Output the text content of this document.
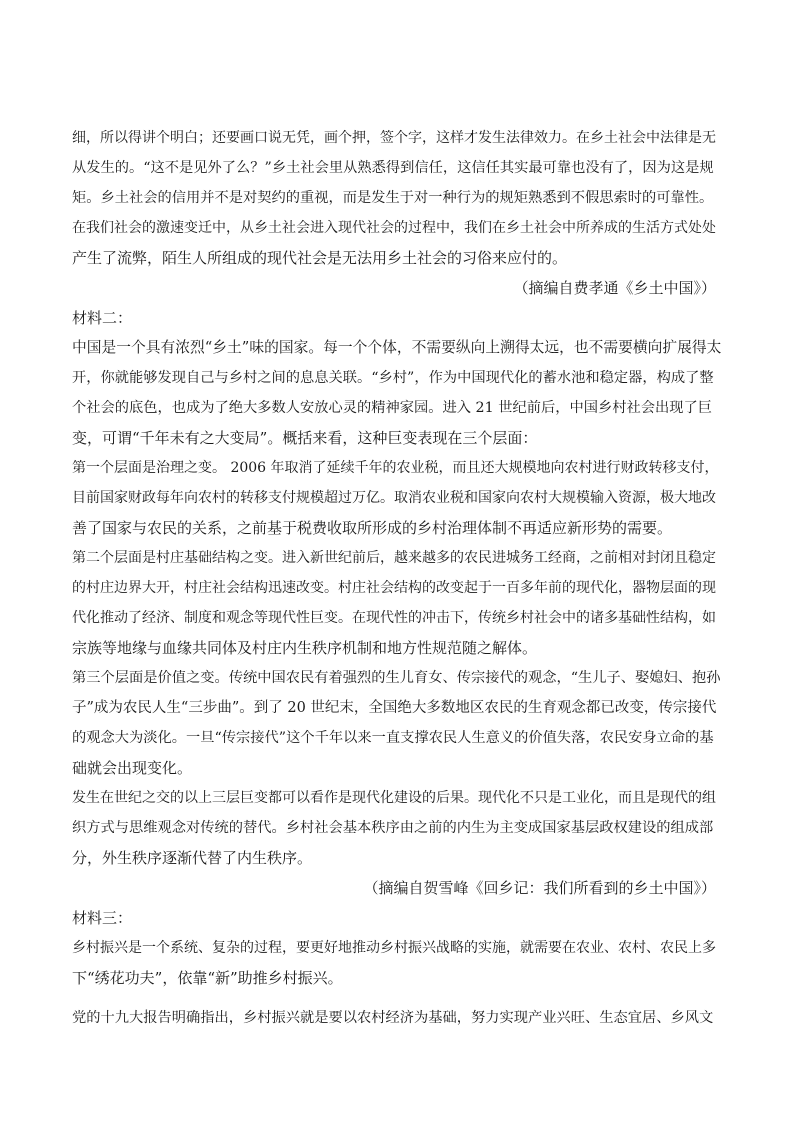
细，所以得讲个明白；还要画口说无凭，画个押，签个字，这样才发生法律效力。在乡土社会中法律是无
从发生的。“这不是见外了么？”乡土社会里从熟悉得到信任，这信任其实最可靠也没有了，因为这是规
矩。乡土社会的信用并不是对契约的重视，而是发生于对一种行为的规矩熟悉到不假思索时的可靠性。
在我们社会的激速变迁中，从乡土社会进入现代社会的过程中，我们在乡土社会中所养成的生活方式处处
产生了流弊，陌生人所组成的现代社会是无法用乡土社会的习俗来应付的。
（摘编自费孝通《乡土中国》）
材料二：
中国是一个具有浓烈“乡土”味的国家。每一个个体，不需要纵向上溯得太远，也不需要横向扩展得太
开，你就能够发现自己与乡村之间的息息关联。“乡村”，作为中国现代化的蓄水池和稳定器，构成了整
个社会的底色，也成为了绝大多数人安放心灵的精神家园。进入 21 世纪前后，中国乡村社会出现了巨
变，可谓“千年未有之大变局”。概括来看，这种巨变表现在三个层面：
第一个层面是治理之变。 2006 年取消了延续千年的农业税，而且还大规模地向农村进行财政转移支付，
目前国家财政每年向农村的转移支付规模超过万亿。取消农业税和国家向农村大规模输入资源，极大地改
善了国家与农民的关系，之前基于税费收取所形成的乡村治理体制不再适应新形势的需要。
第二个层面是村庄基础结构之变。进入新世纪前后，越来越多的农民进城务工经商，之前相对封闭且稳定
的村庄边界大开，村庄社会结构迅速改变。村庄社会结构的改变起于一百多年前的现代化，器物层面的现
代化推动了经济、制度和观念等现代性巨变。在现代性的冲击下，传统乡村社会中的诸多基础性结构，如
宗族等地缘与血缘共同体及村庄内生秩序机制和地方性规范随之解体。
第三个层面是价值之变。传统中国农民有着强烈的生儿育女、传宗接代的观念，“生儿子、娶媳妇、抱孙
子”成为农民人生“三步曲”。到了 20 世纪末，全国绝大多数地区农民的生育观念都已改变，传宗接代
的观念大为淡化。一旦“传宗接代”这个千年以来一直支撑农民人生意义的价值失落，农民安身立命的基
础就会出现变化。
发生在世纪之交的以上三层巨变都可以看作是现代化建设的后果。现代化不只是工业化，而且是现代的组
织方式与思维观念对传统的替代。乡村社会基本秩序由之前的内生为主变成国家基层政权建设的组成部
分，外生秩序逐渐代替了内生秩序。
（摘编自贺雪峰《回乡记：我们所看到的乡土中国》）
材料三：
乡村振兴是一个系统、复杂的过程，要更好地推动乡村振兴战略的实施，就需要在农业、农村、农民上多
下“绣花功夫”，依靠“新”助推乡村振兴。
党的十九大报告明确指出，乡村振兴就是要以农村经济为基础，努力实现产业兴旺、生态宜居、乡风文
